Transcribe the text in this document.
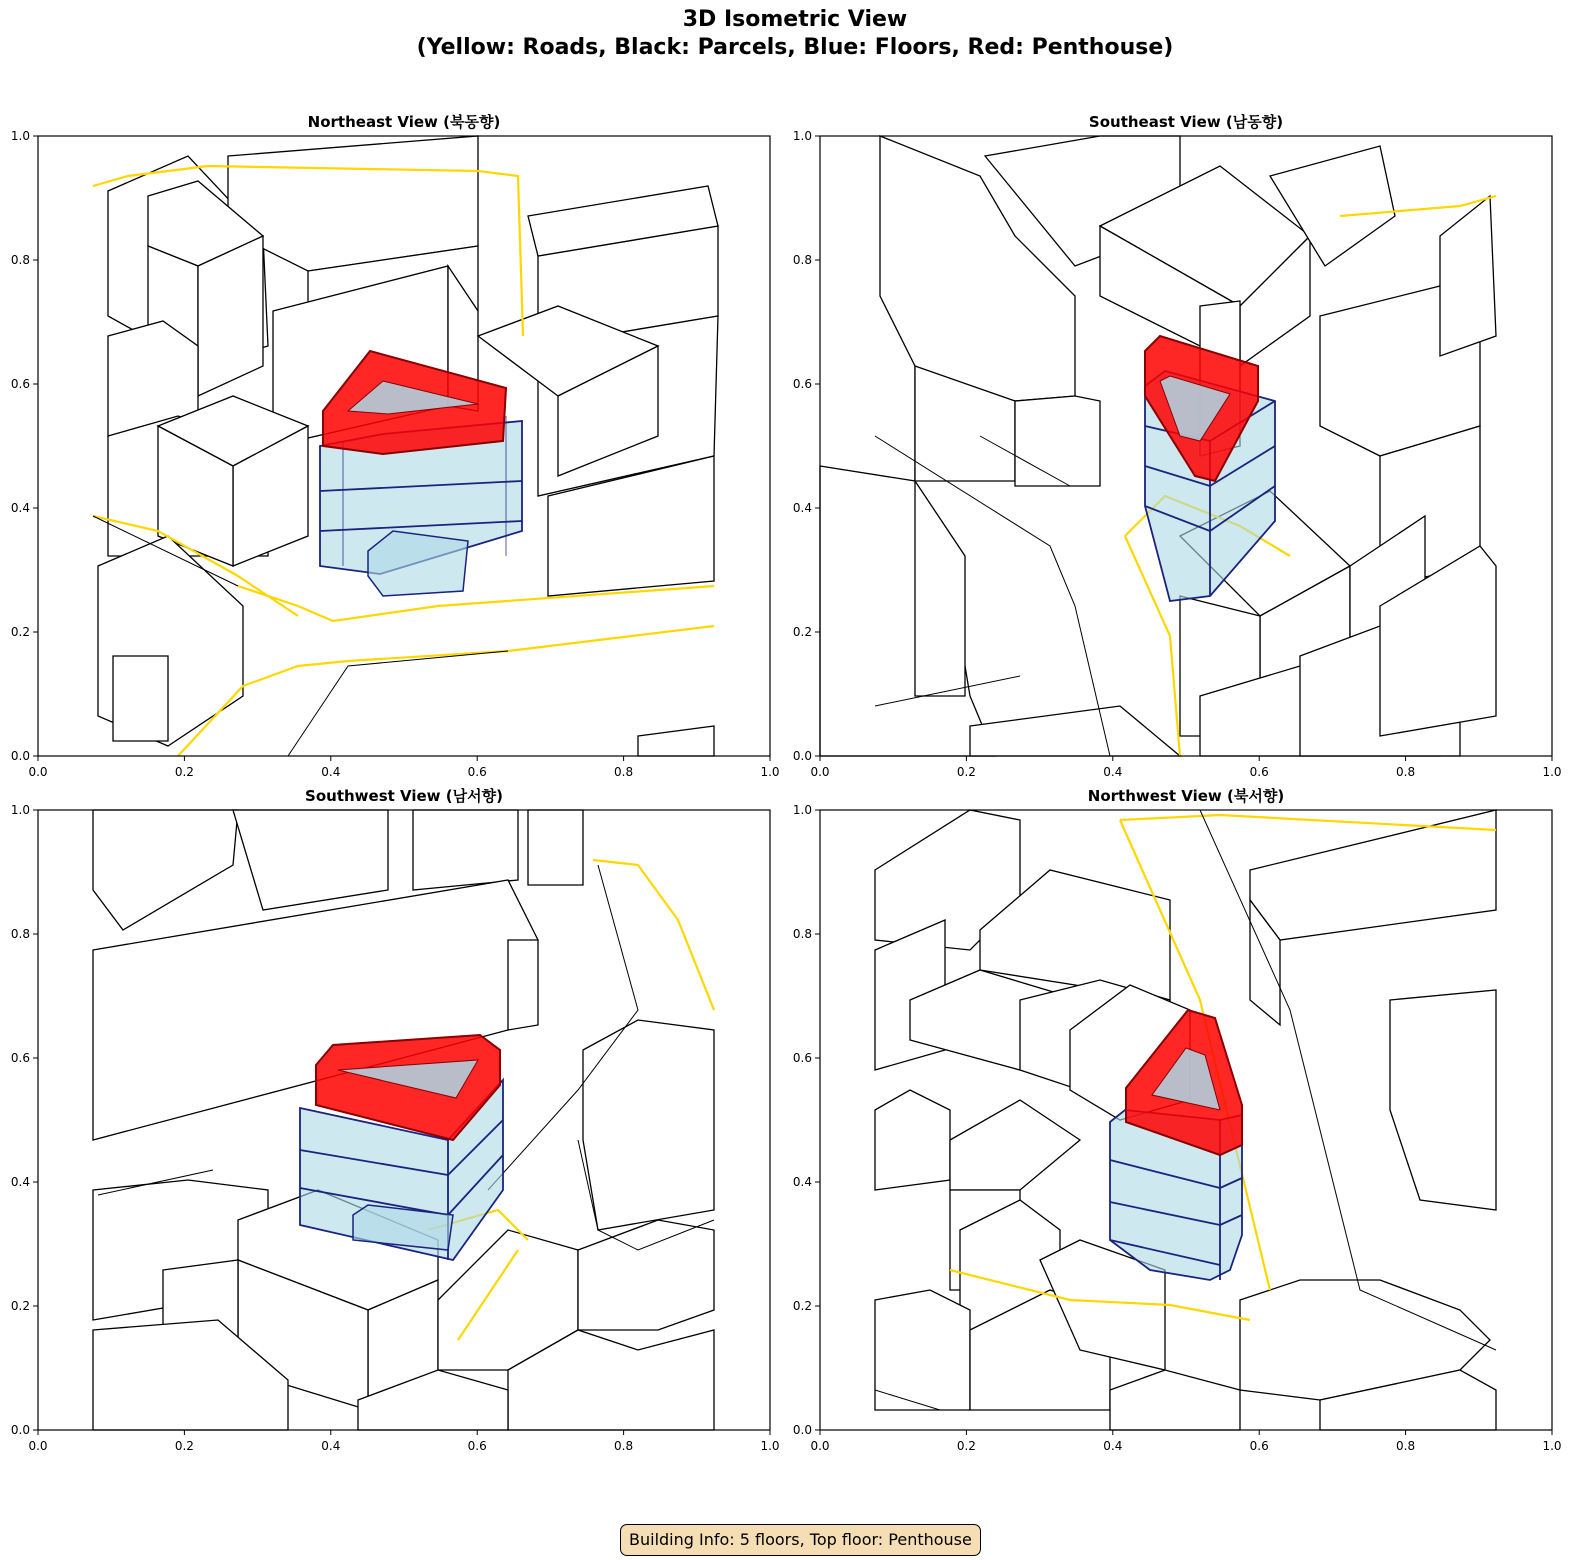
3D Isometric View
(Yellow: Roads, Black: Parcels, Blue: Floors, Red: Penthouse)
Northeast View (북동향)	Southeast View (남동향)
Southwest View (남서향)	Northwest View (북서향)
0.0	0.2	0.4	0.6	0.8	1.0
0.0
0.2
0.4
0.6
0.8
1.0
0.0	0.2	0.4	0.6	0.8	1.0
0.0
0.2
0.4
0.6
0.8
1.0
0.0	0.2	0.4	0.6	0.8	1.0
0.0
0.2
0.4
0.6
0.8
1.0
0.0	0.2	0.4	0.6	0.8	1.0
0.0
0.2
0.4
0.6
0.8
1.0
Building Info: 5 floors, Top floor: Penthouse
